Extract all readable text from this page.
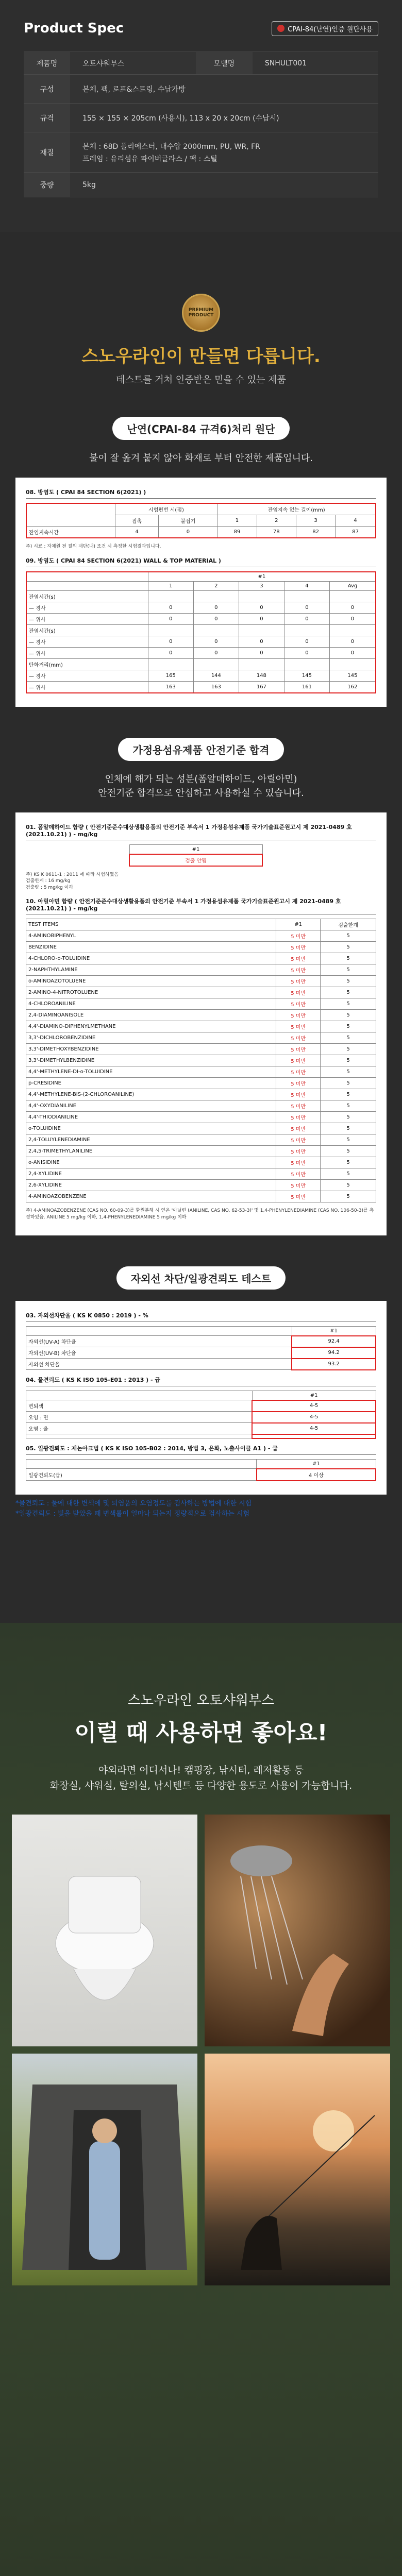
Product Spec	CPAI-84(난연)인증 원단사용
제품명	오토샤워부스	모델명	SNHULT001
구성	본체, 팩, 로프&스트링, 수납가방		
규격	155 × 155 × 205cm (사용시), 113 x 20 x 20cm (수납시)		
재질	본체 : 68D 폴리에스터, 내수압 2000mm, PU, WR, FR
프레임 : 유리섬유 파이버글라스 / 팩 : 스틸		

중량	5kg		
PREMIUM PRODUCT
스노우라인이 만들면 다릅니다.
테스트를 거쳐 인증받은 믿을 수 있는 제품
난연(CPAI-84 규격6)처리 원단
불이 잘 옮겨 붙지 않아 화재로 부터 안전한 제품입니다.
08. 방염도 ( CPAI 84 SECTION 6(2021) )
	시험편번 시(점)		잔염지속 없는 길이(mm)			
	접촉	불접기	1	2	3	4
잔염지속시간	4	0	89	78	82	87
주) 시료 : 자체원 전 절의 재단(내) 조건 시 측정한 시험결과입니다.
09. 방염도 ( CPAI 84 SECTION 6(2021) WALL & TOP MATERIAL )
	#1				
	1	2	3	4	Avg
잔염시간(s)					
— 경사	0	0	0	0	0
— 위사	0	0	0	0	0
잔염시간(s)					
— 경사	0	0	0	0	0
— 위사	0	0	0	0	0
탄화거리(mm)					
— 경사	165	144	148	145	145
— 위사	163	163	167	161	162
가정용섬유제품 안전기준 합격
인체에 해가 되는 성분(폼알데하이드, 아릴아민)
안전기준 합격으로 안심하고 사용하실 수 있습니다.
01. 폼알데하이드 함량 ( 안전기준준수대상생활용품의 안전기준 부속서 1 가정용섬유제품 국가기술표준원고시 제 2021-0489 호 (2021.10.21) ) - mg/kg
#1
검출 안됨
주) KS K 0611-1 : 2011 에 따라 시험하였음
검출한계 : 16 mg/kg
검출량 : 5 mg/kg 이하
10. 아릴아민 함량 ( 안전기준준수대상생활용품의 안전기준 부속서 1 가정용섬유제품 국가기술표준원고시 제 2021-0489 호 (2021.10.21) ) - mg/kg
TEST ITEMS	#1	검출한계
4-AMINOBIPHENYL	5 미만	5
BENZIDINE	5 미만	5
4-CHLORO-o-TOLUIDINE	5 미만	5
2-NAPHTHYLAMINE	5 미만	5
o-AMINOAZOTOLUENE	5 미만	5
2-AMINO-4-NITROTOLUENE	5 미만	5
4-CHLOROANILINE	5 미만	5
2,4-DIAMINOANISOLE	5 미만	5
4,4'-DIAMINO-DIPHENYLMETHANE	5 미만	5
3,3'-DICHLOROBENZIDINE	5 미만	5
3,3'-DIMETHOXYBENZIDINE	5 미만	5
3,3'-DIMETHYLBENZIDINE	5 미만	5
4,4'-METHYLENE-DI-o-TOLUIDINE	5 미만	5
p-CRESIDINE	5 미만	5
4,4'-METHYLENE-BIS-(2-CHLOROANILINE)	5 미만	5
4,4'-OXYDIANILINE	5 미만	5
4,4'-THIODIANILINE	5 미만	5
o-TOLUIDINE	5 미만	5
2,4-TOLUYLENEDIAMINE	5 미만	5
2,4,5-TRIMETHYLANILINE	5 미만	5
o-ANISIDINE	5 미만	5
2,4-XYLIDINE	5 미만	5
2,6-XYLIDINE	5 미만	5
4-AMINOAZOBENZENE	5 미만	5
주) 4-AMINOAZOBENZENE (CAS NO. 60-09-3)를 환원분해 시 얻은 '아닐린 (ANILINE, CAS NO. 62-53-3)' 및 1,4-PHENYLENEDIAMINE (CAS NO. 106-50-3)를 측정하였음. ANILINE 5 mg/kg 이하, 1,4-PHENYLENEDIAMINE 5 mg/kg 이하
자외선 차단/일광견뢰도 테스트
03. 자외선차단율 ( KS K 0850 : 2019 ) - %
	#1
자외선(UV-A) 차단율	92.4
자외선(UV-B) 차단율	94.2
자외선 차단율	93.2
04. 물견뢰도 ( KS K ISO 105-E01 : 2013 ) - 급
	#1
변퇴색	4-5
오염 : 면	4-5
오염 : 울	4-5

05. 일광견뢰도 : 제논아크법 ( KS K ISO 105-B02 : 2014, 방법 3, 온화, 노출사이클 A1 ) - 급
	#1
일광견뢰도(급)	4 이상
*물견뢰도 : 물에 대한 변색에 및 퇴염품의 오염정도를 검사하는 방법에 대한 시험
*일광견뢰도 : 빛을 받았을 때 변색률이 얼마나 되는지 정량적으로 검사하는 시험
스노우라인 오토샤워부스
이럴 때 사용하면 좋아요!
야외라면 어디서나! 캠핑장, 낚시터, 레저활동 등
화장실, 샤워실, 탈의실, 낚시텐트 등 다양한 용도로 사용이 가능합니다.
